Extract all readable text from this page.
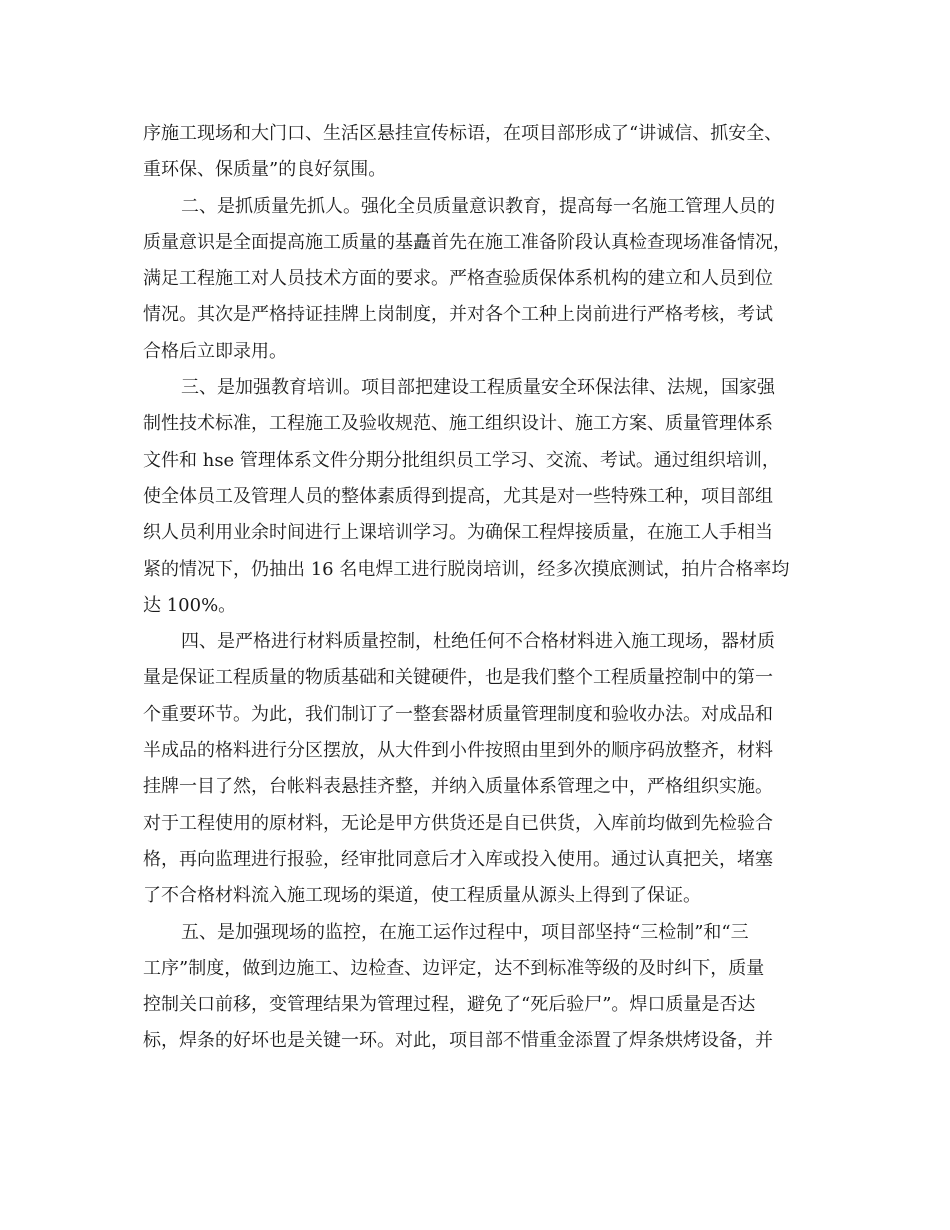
序施工现场和大门口、生活区悬挂宣传标语，在项目部形成了“讲诚信、抓安全、
重环保、保质量”的良好氛围。
二、是抓质量先抓人。强化全员质量意识教育，提高每一名施工管理人员的
质量意识是全面提高施工质量的基矗首先在施工准备阶段认真检查现场准备情况，
满足工程施工对人员技术方面的要求。严格查验质保体系机构的建立和人员到位
情况。其次是严格持证挂牌上岗制度，并对各个工种上岗前进行严格考核，考试
合格后立即录用。
三、是加强教育培训。项目部把建设工程质量安全环保法律、法规，国家强
制性技术标准，工程施工及验收规范、施工组织设计、施工方案、质量管理体系
文件和 hse 管理体系文件分期分批组织员工学习、交流、考试。通过组织培训，
使全体员工及管理人员的整体素质得到提高，尤其是对一些特殊工种，项目部组
织人员利用业余时间进行上课培训学习。为确保工程焊接质量，在施工人手相当
紧的情况下，仍抽出 16 名电焊工进行脱岗培训，经多次摸底测试，拍片合格率均
达 100%。
四、是严格进行材料质量控制，杜绝任何不合格材料进入施工现场，器材质
量是保证工程质量的物质基础和关键硬件，也是我们整个工程质量控制中的第一
个重要环节。为此，我们制订了一整套器材质量管理制度和验收办法。对成品和
半成品的格料进行分区摆放，从大件到小件按照由里到外的顺序码放整齐，材料
挂牌一目了然，台帐料表悬挂齐整，并纳入质量体系管理之中，严格组织实施。
对于工程使用的原材料，无论是甲方供货还是自已供货，入库前均做到先检验合
格，再向监理进行报验，经审批同意后才入库或投入使用。通过认真把关，堵塞
了不合格材料流入施工现场的渠道，使工程质量从源头上得到了保证。
五、是加强现场的监控，在施工运作过程中，项目部坚持“三检制”和“三
工序”制度，做到边施工、边检查、边评定，达不到标准等级的及时纠下，质量
控制关口前移，变管理结果为管理过程，避免了“死后验尸”。焊口质量是否达
标，焊条的好坏也是关键一环。对此，项目部不惜重金添置了焊条烘烤设备，并
